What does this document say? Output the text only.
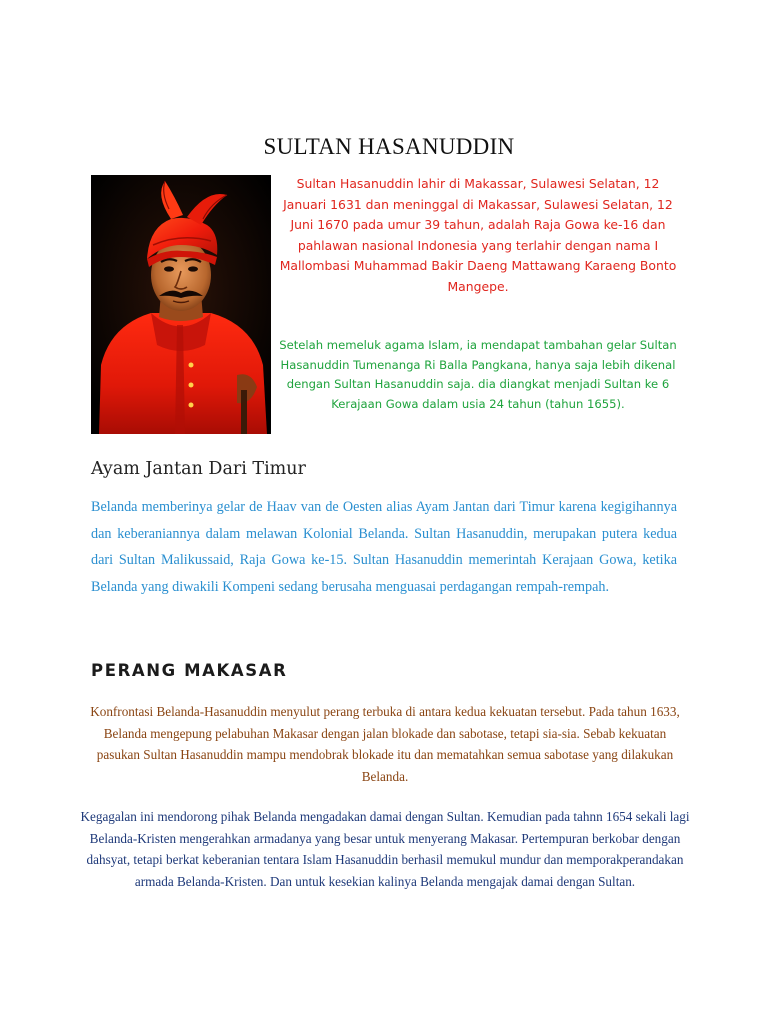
SULTAN HASANUDDIN
Sultan Hasanuddin lahir di Makassar, Sulawesi Selatan, 12 Januari 1631 dan meninggal di Makassar, Sulawesi Selatan, 12 Juni 1670 pada umur 39 tahun, adalah Raja Gowa ke-16 dan pahlawan nasional Indonesia yang terlahir dengan nama I Mallombasi Muhammad Bakir Daeng Mattawang Karaeng Bonto Mangepe.
Setelah memeluk agama Islam, ia mendapat tambahan gelar Sultan Hasanuddin Tumenanga Ri Balla Pangkana, hanya saja lebih dikenal dengan Sultan Hasanuddin saja. dia diangkat menjadi Sultan ke 6 Kerajaan Gowa dalam usia 24 tahun (tahun 1655).
Ayam Jantan Dari Timur
Belanda memberinya gelar de Haav van de Oesten alias Ayam Jantan dari Timur karena kegigihannya dan keberaniannya dalam melawan Kolonial Belanda. Sultan Hasanuddin, merupakan putera kedua dari Sultan Malikussaid, Raja Gowa ke-15. Sultan Hasanuddin memerintah Kerajaan Gowa, ketika Belanda yang diwakili Kompeni sedang berusaha menguasai perdagangan rempah-rempah.
PERANG MAKASAR
Konfrontasi Belanda-Hasanuddin menyulut perang terbuka di antara kedua kekuatan tersebut. Pada tahun 1633, Belanda mengepung pelabuhan Makasar dengan jalan blokade dan sabotase, tetapi sia-sia. Sebab kekuatan pasukan Sultan Hasanuddin mampu mendobrak blokade itu dan mematahkan semua sabotase yang dilakukan Belanda.
Kegagalan ini mendorong pihak Belanda mengadakan damai dengan Sultan. Kemudian pada tahnn 1654 sekali lagi Belanda-Kristen mengerahkan armadanya yang besar untuk menyerang Makasar. Pertempuran berkobar dengan dahsyat, tetapi berkat keberanian tentara Islam Hasanuddin berhasil memukul mundur dan memporakperandakan armada Belanda-Kristen. Dan untuk kesekian kalinya Belanda mengajak damai dengan Sultan.
